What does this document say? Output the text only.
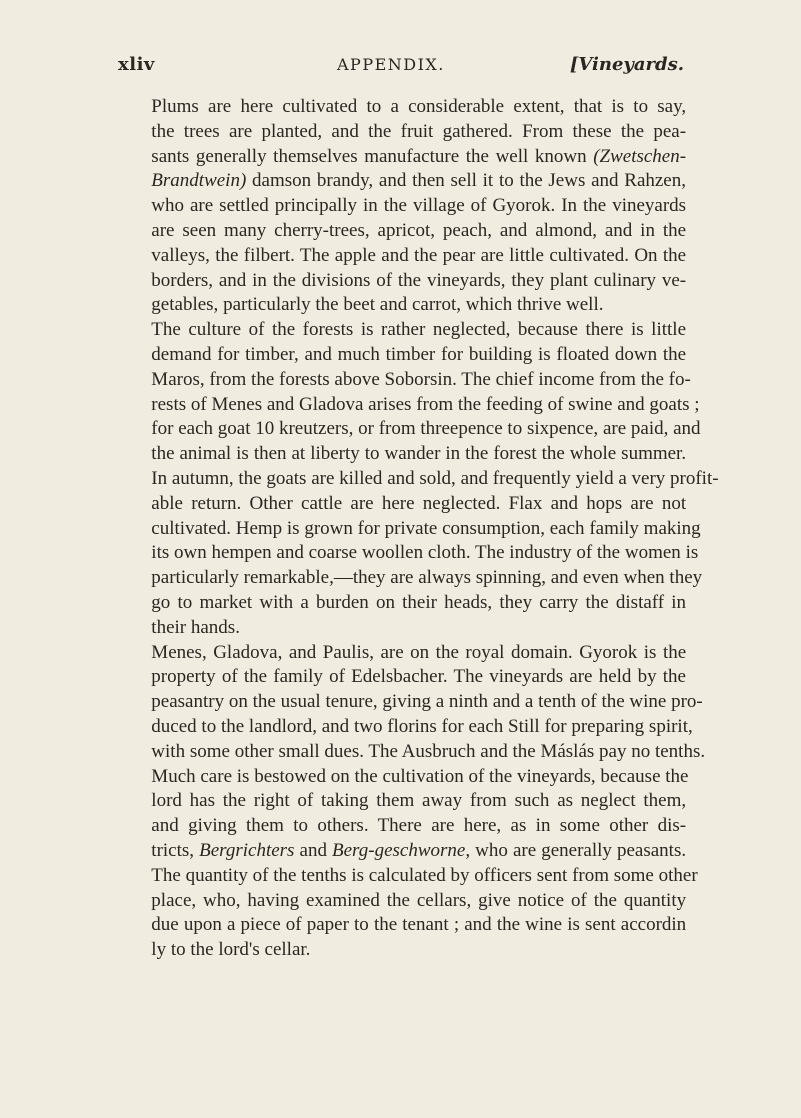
xliv	APPENDIX.	[Vineyards.

Plums are here cultivated to a considerable extent, that is to say,
the trees are planted, and the fruit gathered. From these the pea-
sants generally themselves manufacture the well known (Zwetschen-
Brandtwein) damson brandy, and then sell it to the Jews and Rahzen,
who are settled principally in the village of Gyorok. In the vineyards
are seen many cherry-trees, apricot, peach, and almond, and in the
valleys, the filbert. The apple and the pear are little cultivated. On the
borders, and in the divisions of the vineyards, they plant culinary ve-
getables, particularly the beet and carrot, which thrive well.

The culture of the forests is rather neglected, because there is little
demand for timber, and much timber for building is floated down the
Maros, from the forests above Soborsin. The chief income from the fo-
rests of Menes and Gladova arises from the feeding of swine and goats ;
for each goat 10 kreutzers, or from threepence to sixpence, are paid, and
the animal is then at liberty to wander in the forest the whole summer.
In autumn, the goats are killed and sold, and frequently yield a very profit-
able return. Other cattle are here neglected. Flax and hops are not
cultivated. Hemp is grown for private consumption, each family making
its own hempen and coarse woollen cloth. The industry of the women is
particularly remarkable,—they are always spinning, and even when they
go to market with a burden on their heads, they carry the distaff in
their hands.

Menes, Gladova, and Paulis, are on the royal domain. Gyorok is the
property of the family of Edelsbacher. The vineyards are held by the
peasantry on the usual tenure, giving a ninth and a tenth of the wine pro-
duced to the landlord, and two florins for each Still for preparing spirit,
with some other small dues. The Ausbruch and the Máslás pay no tenths.
Much care is bestowed on the cultivation of the vineyards, because the
lord has the right of taking them away from such as neglect them,
and giving them to others. There are here, as in some other dis-
tricts, Bergrichters and Berg-geschworne, who are generally peasants.
The quantity of the tenths is calculated by officers sent from some other
place, who, having examined the cellars, give notice of the quantity
due upon a piece of paper to the tenant ; and the wine is sent accordin
ly to the lord's cellar.
